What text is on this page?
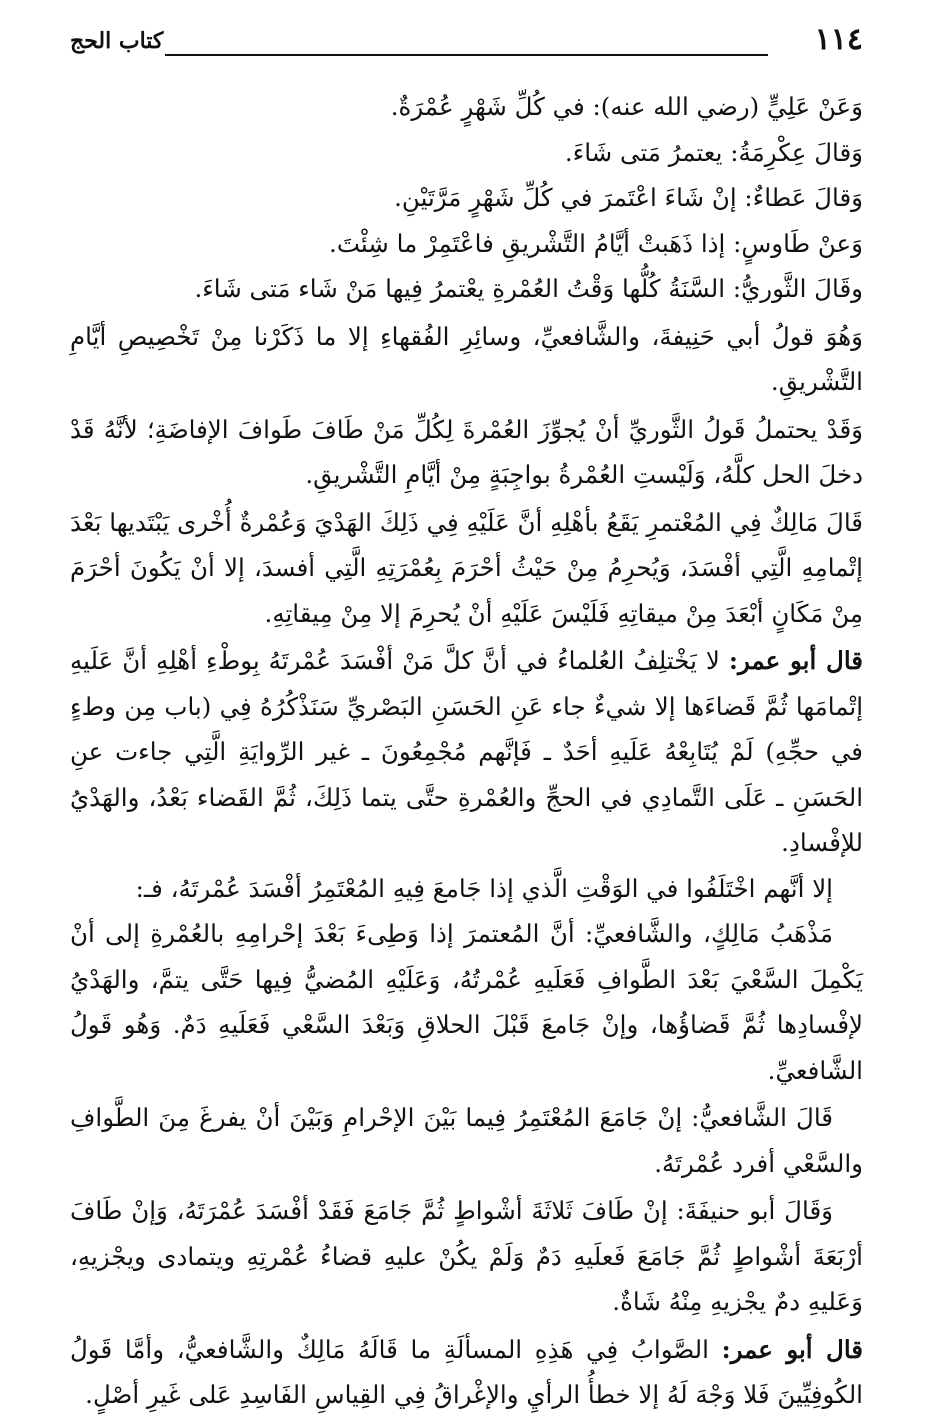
١١٤
كتاب الحج

وَعَنْ عَلِيٍّ (رضي الله عنه): في كُلِّ شَهْرٍ عُمْرَةٌ.

وَقالَ عِكْرِمَةُ: يعتمرُ مَتى شَاءَ.

وَقالَ عَطاءٌ: إنْ شَاءَ اعْتَمرَ في كُلِّ شَهْرٍ مَرَّتَيْنِ.

وَعنْ طَاوسٍ: إذا ذَهَبتْ أيَّامُ التَّشْريقِ فاعْتَمِرْ ما شِئْتَ.

وقَالَ الثَّوريُّ: السَّنَةُ كُلُّها وَقْتُ العُمْرةِ يعْتمرُ فِيها مَنْ شَاء مَتى شَاءَ.

وَهُوَ قولُ أبي حَنِيفةَ، والشَّافعيِّ، وسائِرِ الفُقهاءِ إلا ما ذَكَرْنا مِنْ تَخْصِيصِ أيَّامِ التَّشْريقِ.

وَقَدْ يحتملُ قَولُ الثَّوريِّ أنْ يُجوِّزَ العُمْرةَ لِكُلِّ مَنْ طَافَ طَوافَ الإفاضَةِ؛ لأنَّهُ قَدْ دخلَ الحل كلَّهُ، وَلَيْستِ العُمْرةُ بواجِبَةٍ مِنْ أيَّامِ التَّشْريقِ.

قَالَ مَالِكٌ فِي المُعْتمرِ يَقَعُ بأهْلِهِ أنَّ عَلَيْهِ فِي ذَلِكَ الهَدْيَ وَعُمْرةٌ أُخْرى يَبْتَديها بَعْدَ إتْمامِهِ الَّتِي أفْسَدَ، وَيُحرِمُ مِنْ حَيْثُ أحْرَمَ بِعُمْرَتِهِ الَّتِي أفسدَ، إلا أنْ يَكُونَ أحْرَمَ مِنْ مَكَانٍ أبْعَدَ مِنْ ميقاتِهِ فَلَيْسَ عَلَيْهِ أنْ يُحرِمَ إلا مِنْ مِيقاتِهِ.

قال أبو عمر: لا يَخْتلِفُ العُلماءُ في أنَّ كلَّ مَنْ أفْسَدَ عُمْرتَهُ بِوطْءِ أهْلِهِ أنَّ عَلَيهِ إتْمامَها ثُمَّ قَضاءَها إلا شيءٌ جاء عَنِ الحَسَنِ البَصْريِّ سَنَذْكُرُهُ فِي (باب مِن وطءٍ في حجِّهِ) لَمْ يُتَابِعْهُ عَلَيهِ أحَدٌ ـ فَإنَّهم مُجْمِعُونَ ـ غير الرِّوايَةِ الَّتِي جاءت عنِ الحَسَنِ ـ عَلَى التَّمادِي في الحجِّ والعُمْرةِ حتَّى يتما ذَلِكَ، ثُمَّ القَضاء بَعْدُ، والهَدْيُ للإفْسادِ.

إلا أنَّهم اخْتَلَفُوا في الوَقْتِ الَّذي إذا جَامعَ فِيهِ المُعْتَمِرُ أفْسَدَ عُمْرتَهُ، فـ:

مَذْهَبُ مَالِكٍ، والشَّافعيِّ: أنَّ المُعتمرَ إذا وَطِىءَ بَعْدَ إحْرامِهِ بالعُمْرةِ إلى أنْ يَكْمِلَ السَّعْيَ بَعْدَ الطَّوافِ فَعَلَيهِ عُمْرتُهُ، وَعَلَيْهِ المُضيُّ فِيها حَتَّى يتمَّ، والهَدْيُ لإفْسادِها ثُمَّ قَضاؤُها، وإنْ جَامعَ قَبْلَ الحلاقِ وَبَعْدَ السَّعْي فَعَلَيهِ دَمٌ. وَهُو قَولُ الشَّافعيِّ.

قَالَ الشَّافعيُّ: إنْ جَامَعَ المُعْتَمِرُ فِيما بَيْنَ الإحْرامِ وَبَيْنَ أنْ يفرغَ مِنَ الطَّوافِ والسَّعْي أفرد عُمْرتَهُ.

وَقَالَ أبو حنيفَةَ: إنْ طَافَ ثَلاثَةَ أشْواطٍ ثُمَّ جَامَعَ فَقَدْ أفْسَدَ عُمْرَتَهُ، وَإنْ طَافَ أرْبَعَةَ أشْواطٍ ثُمَّ جَامَعَ فَعلَيهِ دَمٌ وَلَمْ يكُنْ عليهِ قضاءُ عُمْرتِهِ ويتمادى ويجْزيهِ، وَعَليهِ دمٌ يجْزيهِ مِنْهُ شَاةٌ.

قال أبو عمر: الصَّوابُ فِي هَذِهِ المسألَةِ ما قَالَهُ مَالِكٌ والشَّافعيُّ، وأمَّا قَولُ الكُوفِيِّينَ فَلا وَجْهَ لَهُ إلا خطأُ الرأيِ والإغْراقُ فِي القِياسِ الفَاسِدِ عَلى غَيرِ أصْلٍ.
